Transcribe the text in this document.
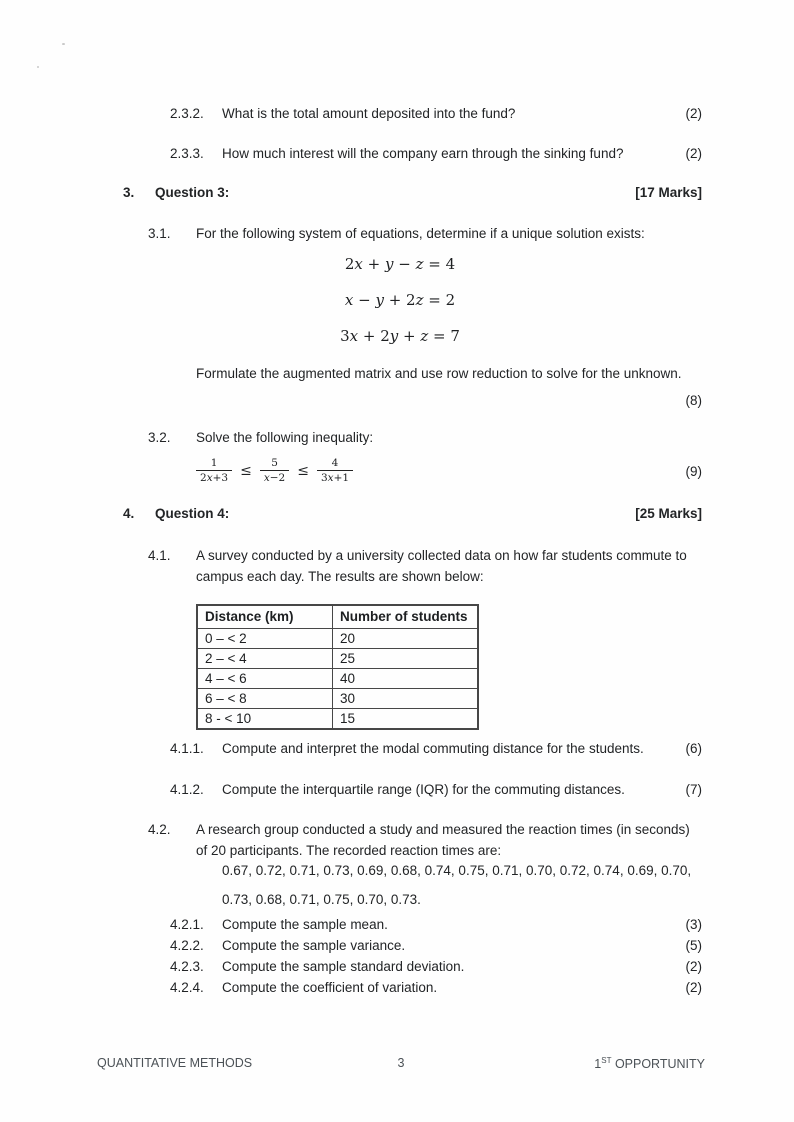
2.3.2.	What is the total amount deposited into the fund?	(2)
2.3.3.	How much interest will the company earn through the sinking fund?	(2)
3.	Question 3:	[17 Marks]
3.1.	For the following system of equations, determine if a unique solution exists:
2x + y − z = 4
x − y + 2z = 2
3x + 2y + z = 7
Formulate the augmented matrix and use row reduction to solve for the unknown.
(8)
3.2.	Solve the following inequality:
$\frac{1}{2x+3} \le \frac{5}{x-2} \le \frac{4}{3x+1}$	(9)
4.	Question 4:	[25 Marks]
4.1.	A survey conducted by a university collected data on how far students commute to campus each day. The results are shown below:
Distance (km)	Number of students
0 – < 2	20
2 – < 4	25
4 – < 6	40
6 – < 8	30
8 - < 10	15
4.1.1.	Compute and interpret the modal commuting distance for the students.	(6)
4.1.2.	Compute the interquartile range (IQR) for the commuting distances.	(7)
4.2.	A research group conducted a study and measured the reaction times (in seconds) of 20 participants. The recorded reaction times are:
0.67, 0.72, 0.71, 0.73, 0.69, 0.68, 0.74, 0.75, 0.71, 0.70, 0.72, 0.74, 0.69, 0.70,
0.73, 0.68, 0.71, 0.75, 0.70, 0.73.
4.2.1.	Compute the sample mean.	(3)
4.2.2.	Compute the sample variance.	(5)
4.2.3.	Compute the sample standard deviation.	(2)
4.2.4.	Compute the coefficient of variation.	(2)
QUANTITATIVE METHODS	3	1ST OPPORTUNITY
